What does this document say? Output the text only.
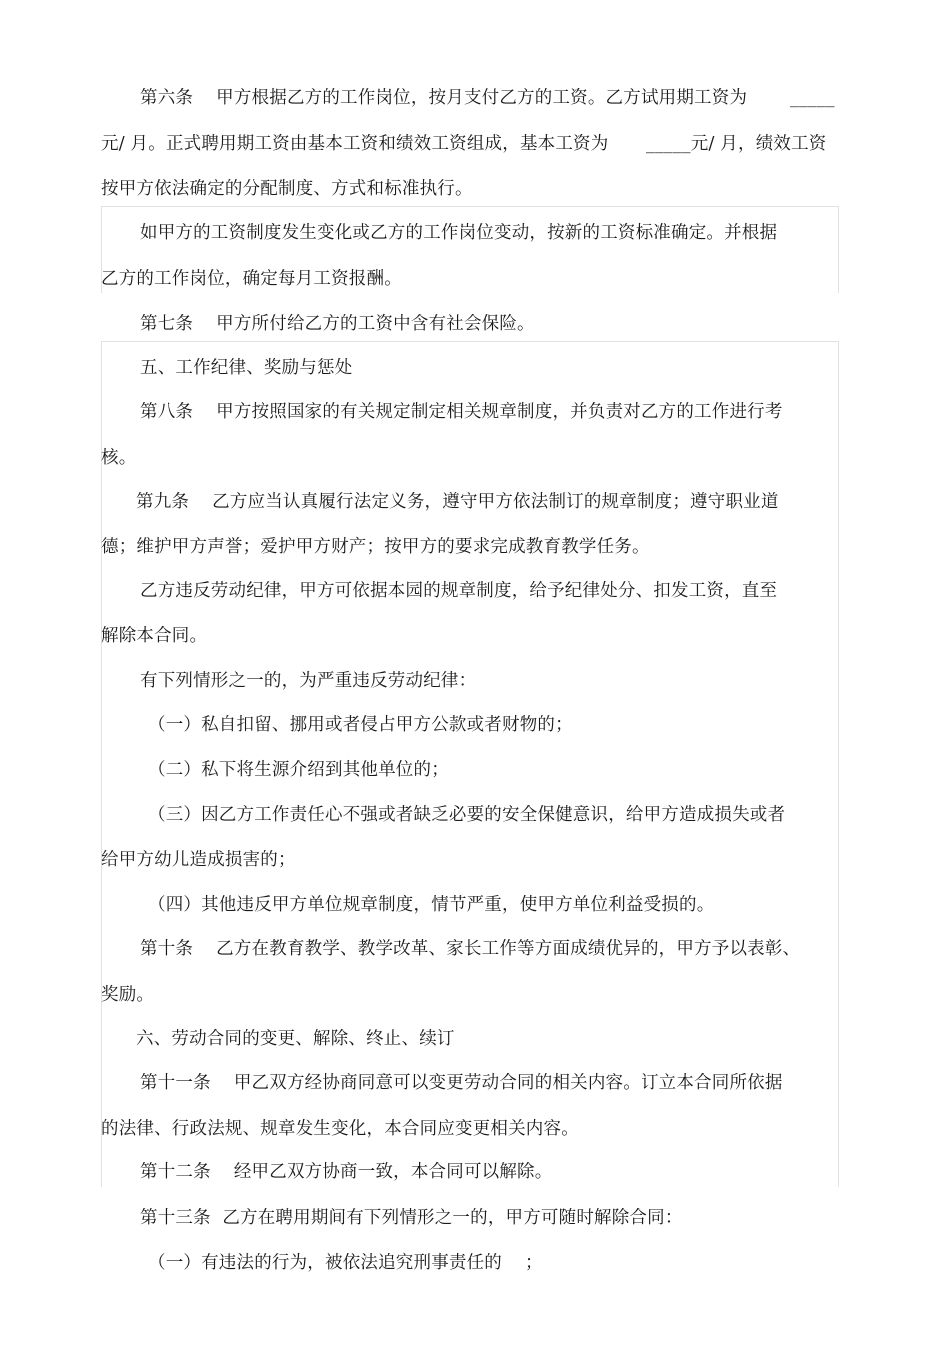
第六条    甲方根据乙方的工作岗位，按月支付乙方的工资。乙方试用期工资为 _____
元/ 月。正式聘用期工资由基本工资和绩效工资组成，基本工资为 _____元/ 月，绩效工资
按甲方依法确定的分配制度、方式和标准执行。
如甲方的工资制度发生变化或乙方的工作岗位变动，按新的工资标准确定。并根据
乙方的工作岗位，确定每月工资报酬。
第七条    甲方所付给乙方的工资中含有社会保险。
五、工作纪律、奖励与惩处
第八条    甲方按照国家的有关规定制定相关规章制度，并负责对乙方的工作进行考
核。
第九条    乙方应当认真履行法定义务，遵守甲方依法制订的规章制度；遵守职业道
德；维护甲方声誉；爱护甲方财产；按甲方的要求完成教育教学任务。
乙方违反劳动纪律，甲方可依据本园的规章制度，给予纪律处分、扣发工资，直至
解除本合同。
有下列情形之一的，为严重违反劳动纪律：
（一）私自扣留、挪用或者侵占甲方公款或者财物的；
（二）私下将生源介绍到其他单位的；
（三）因乙方工作责任心不强或者缺乏必要的安全保健意识，给甲方造成损失或者
给甲方幼儿造成损害的；
（四）其他违反甲方单位规章制度，情节严重，使甲方单位利益受损的。
第十条    乙方在教育教学、教学改革、家长工作等方面成绩优异的，甲方予以表彰、
奖励。
六、劳动合同的变更、解除、终止、续订
第十一条    甲乙双方经协商同意可以变更劳动合同的相关内容。订立本合同所依据
的法律、行政法规、规章发生变化，本合同应变更相关内容。
第十二条    经甲乙双方协商一致，本合同可以解除。
第十三条  乙方在聘用期间有下列情形之一的，甲方可随时解除合同：
（一）有违法的行为，被依法追究刑事责任的    ；
